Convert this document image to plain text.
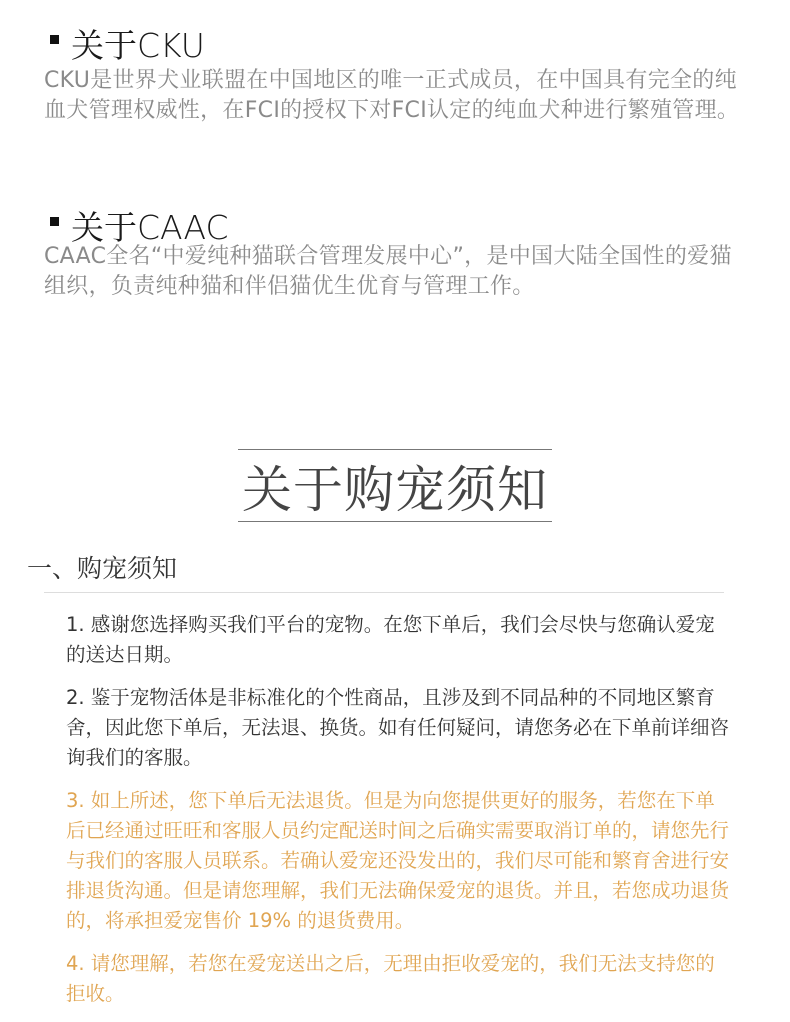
关于CKU
CKU是世界犬业联盟在中国地区的唯一正式成员，在中国具有完全的纯血犬管理权威性，在FCI的授权下对FCI认定的纯血犬种进行繁殖管理。
关于CAAC
CAAC全名“中爱纯种猫联合管理发展中心”，是中国大陆全国性的爱猫组织，负责纯种猫和伴侣猫优生优育与管理工作。
关于购宠须知
一、购宠须知
1. 感谢您选择购买我们平台的宠物。在您下单后，我们会尽快与您确认爱宠的送达日期。
2. 鉴于宠物活体是非标准化的个性商品，且涉及到不同品种的不同地区繁育舍，因此您下单后，无法退、换货。如有任何疑问，请您务必在下单前详细咨询我们的客服。
3. 如上所述，您下单后无法退货。但是为向您提供更好的服务，若您在下单后已经通过旺旺和客服人员约定配送时间之后确实需要取消订单的，请您先行与我们的客服人员联系。若确认爱宠还没发出的，我们尽可能和繁育舍进行安排退货沟通。但是请您理解，我们无法确保爱宠的退货。并且，若您成功退货的，将承担爱宠售价 19% 的退货费用。
4. 请您理解，若您在爱宠送出之后，无理由拒收爱宠的，我们无法支持您的拒收。
